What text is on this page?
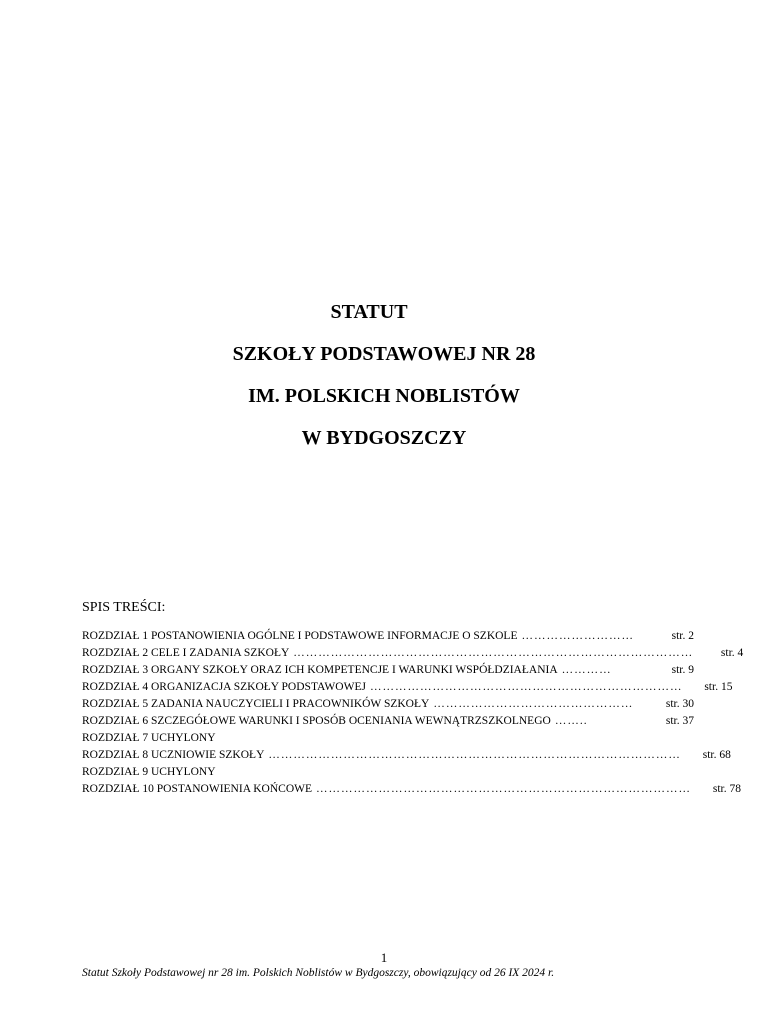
STATUT
SZKOŁY PODSTAWOWEJ NR 28
IM. POLSKICH NOBLISTÓW
W BYDGOSZCZY
SPIS TREŚCI:
ROZDZIAŁ 1 POSTANOWIENIA OGÓLNE I PODSTAWOWE INFORMACJE O SZKOLE ………………………	str. 2
ROZDZIAŁ 2 CELE I ZADANIA SZKOŁY ……………………………………………………………………………………	str. 4
ROZDZIAŁ 3 ORGANY SZKOŁY ORAZ ICH KOMPETENCJE I WARUNKI WSPÓŁDZIAŁANIA …………	str. 9
ROZDZIAŁ 4 ORGANIZACJA SZKOŁY PODSTAWOWEJ …………………………………………………………………	str. 15
ROZDZIAŁ 5 ZADANIA NAUCZYCIELI I PRACOWNIKÓW SZKOŁY …………………………………………	str. 30
ROZDZIAŁ 6 SZCZEGÓŁOWE WARUNKI I SPOSÓB OCENIANIA WEWNĄTRZSZKOLNEGO ……..	str. 37
ROZDZIAŁ 7 UCHYLONY
ROZDZIAŁ 8 UCZNIOWIE SZKOŁY ………………………………………………………………………………………	str. 68
ROZDZIAŁ 9 UCHYLONY
ROZDZIAŁ 10 POSTANOWIENIA KOŃCOWE ………………………………………………………………………………	str. 78
1
Statut Szkoły Podstawowej nr 28 im. Polskich Noblistów w Bydgoszczy, obowiązujący od 26 IX 2024 r.
